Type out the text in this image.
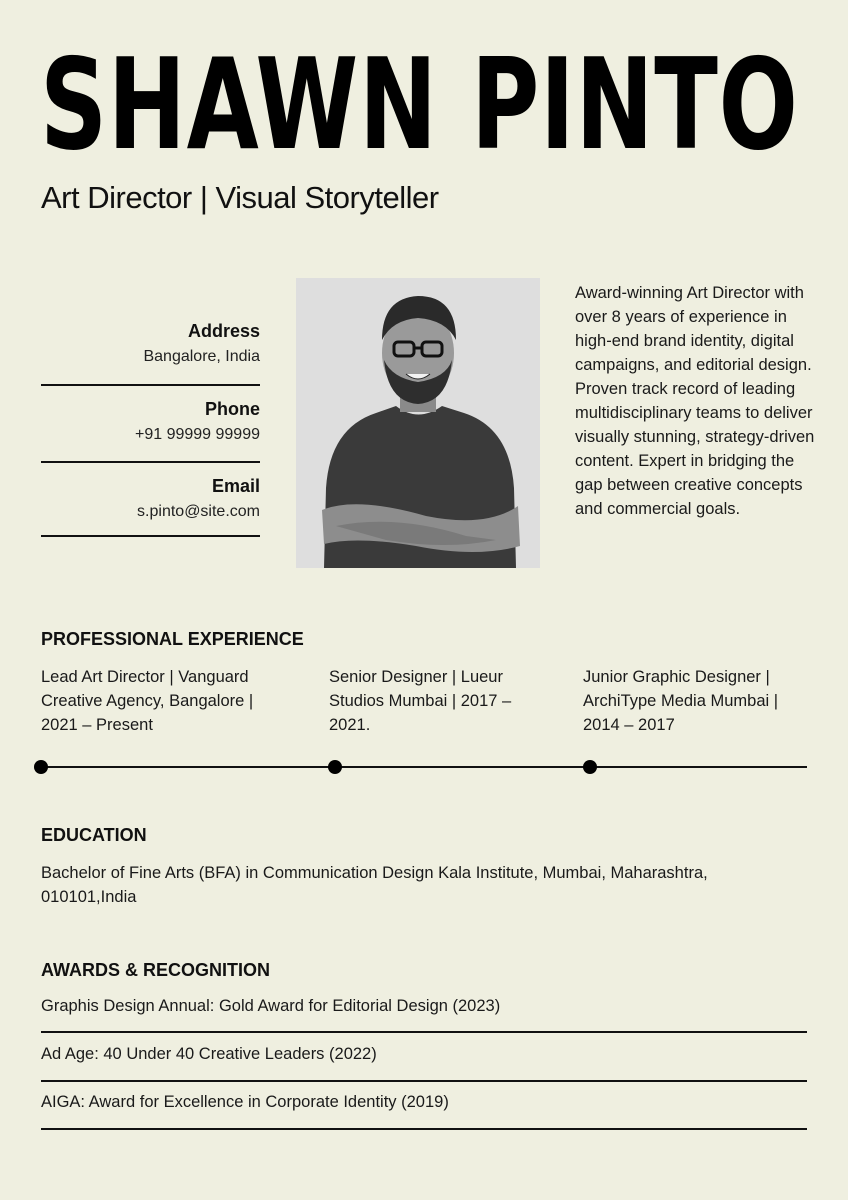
SHAWN PINTO
Art Director | Visual Storyteller
Address
Bangalore, India
Phone
+91 99999 99999
Email
s.pinto@site.com
Award-winning Art Director with over 8 years of experience in high-end brand identity, digital campaigns, and editorial design. Proven track record of leading multidisciplinary teams to deliver visually stunning, strategy-driven content. Expert in bridging the gap between creative concepts and commercial goals.
PROFESSIONAL EXPERIENCE
Lead Art Director | Vanguard Creative Agency, Bangalore | 2021 – Present
Senior Designer | Lueur Studios Mumbai | 2017 – 2021.
Junior Graphic Designer | ArchiType Media Mumbai | 2014 – 2017
EDUCATION
Bachelor of Fine Arts (BFA) in Communication Design Kala Institute, Mumbai, Maharashtra, 010101,India
AWARDS & RECOGNITION
Graphis Design Annual: Gold Award for Editorial Design (2023)
Ad Age: 40 Under 40 Creative Leaders (2022)
AIGA: Award for Excellence in Corporate Identity (2019)
